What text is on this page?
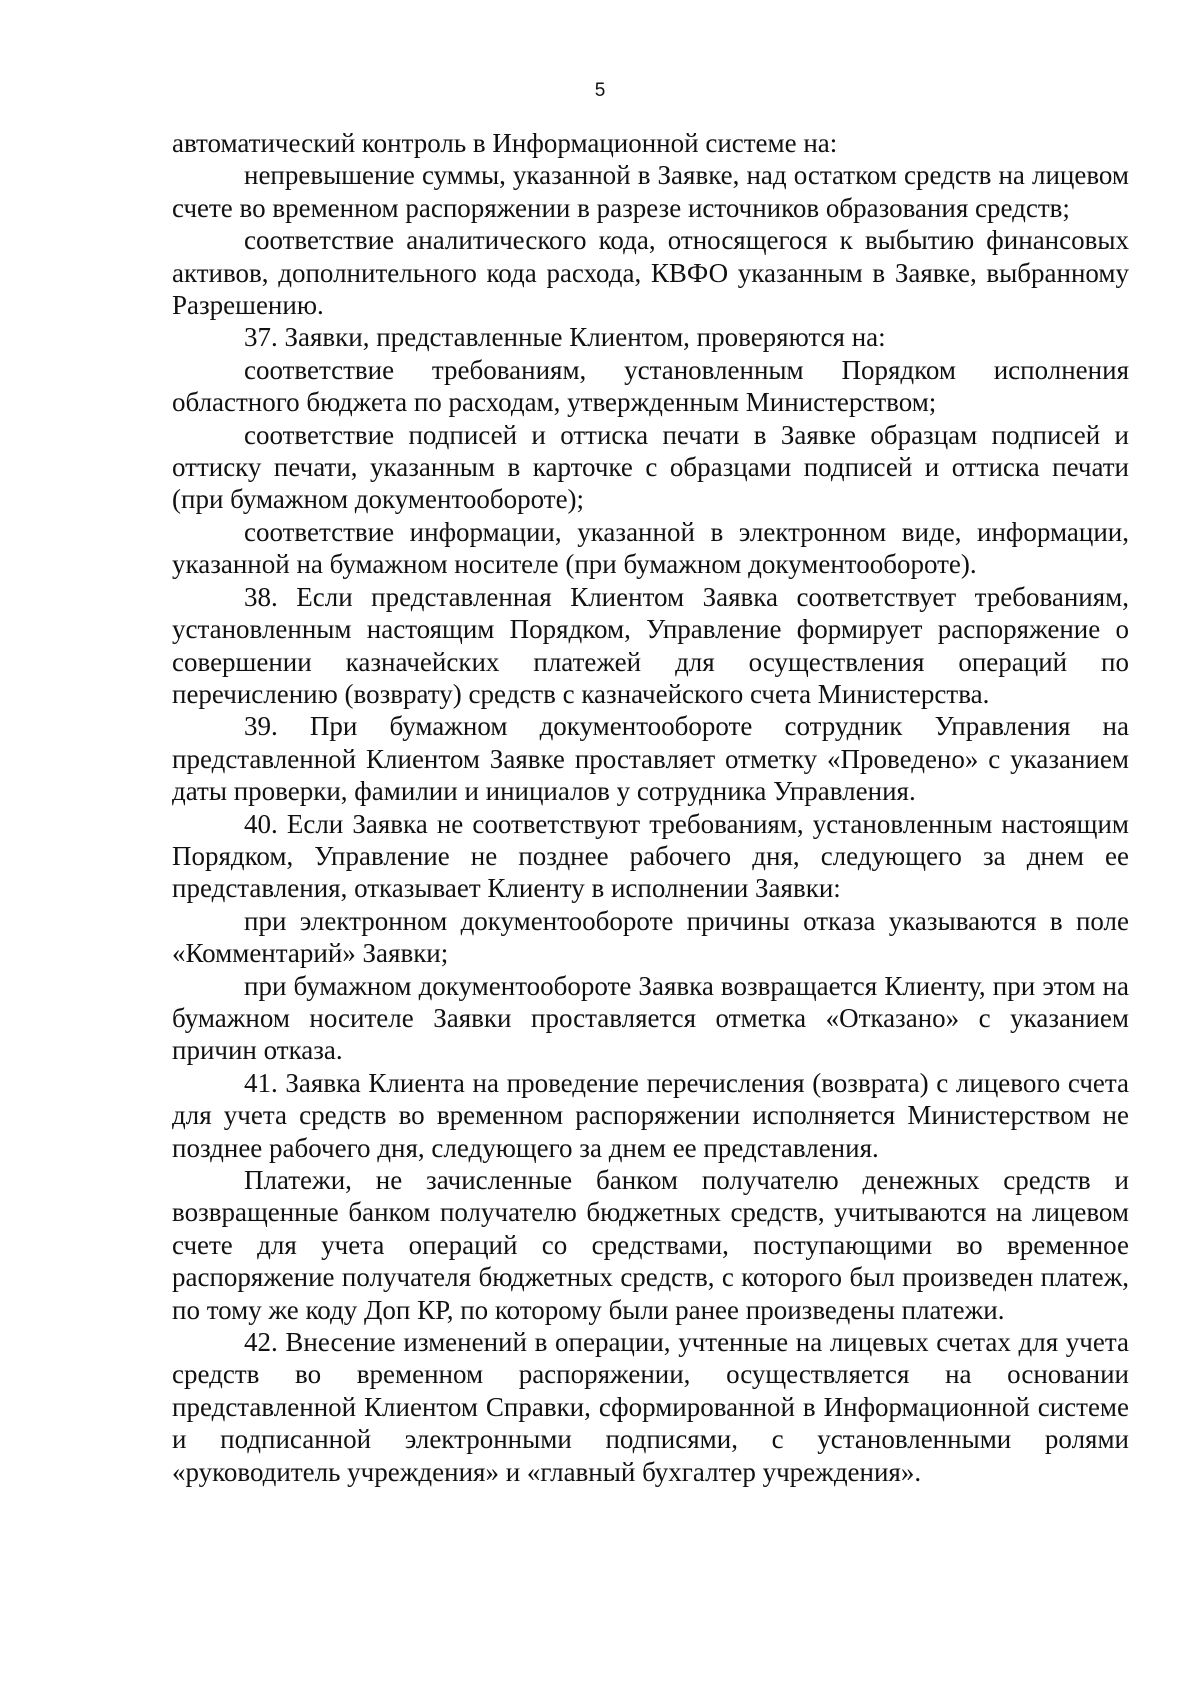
5

автоматический контроль в Информационной системе на:

непревышение суммы, указанной в Заявке, над остатком средств на лицевом счете во временном распоряжении в разрезе источников образования средств;

соответствие аналитического кода, относящегося к выбытию финансовых активов, дополнительного кода расхода, КВФО указанным в Заявке, выбранному Разрешению.

37. Заявки, представленные Клиентом, проверяются на:

соответствие требованиям, установленным Порядком исполнения областного бюджета по расходам, утвержденным Министерством;

соответствие подписей и оттиска печати в Заявке образцам подписей и оттиску печати, указанным в карточке с образцами подписей и оттиска печати (при бумажном документообороте);

соответствие информации, указанной в электронном виде, информации, указанной на бумажном носителе (при бумажном документообороте).

38. Если представленная Клиентом Заявка соответствует требованиям, установленным настоящим Порядком, Управление формирует распоряжение о совершении казначейских платежей для осуществления операций по перечислению (возврату) средств с казначейского счета Министерства.

39. При бумажном документообороте сотрудник Управления на представленной Клиентом Заявке проставляет отметку «Проведено» с указанием даты проверки, фамилии и инициалов у сотрудника Управления.

40. Если Заявка не соответствуют требованиям, установленным настоящим Порядком, Управление не позднее рабочего дня, следующего за днем ее представления, отказывает Клиенту в исполнении Заявки:

при электронном документообороте причины отказа указываются в поле «Комментарий» Заявки;

при бумажном документообороте Заявка возвращается Клиенту, при этом на бумажном носителе Заявки проставляется отметка «Отказано» с указанием причин отказа.

41. Заявка Клиента на проведение перечисления (возврата) с лицевого счета для учета средств во временном распоряжении исполняется Министерством не позднее рабочего дня, следующего за днем ее представления.

Платежи, не зачисленные банком получателю денежных средств и возвращенные банком получателю бюджетных средств, учитываются на лицевом счете для учета операций со средствами, поступающими во временное распоряжение получателя бюджетных средств, с которого был произведен платеж, по тому же коду Доп КР, по которому были ранее произведены платежи.

42. Внесение изменений в операции, учтенные на лицевых счетах для учета средств во временном распоряжении, осуществляется на основании представленной Клиентом Справки, сформированной в Информационной системе и подписанной электронными подписями, с установленными ролями «руководитель учреждения» и «главный бухгалтер учреждения».
